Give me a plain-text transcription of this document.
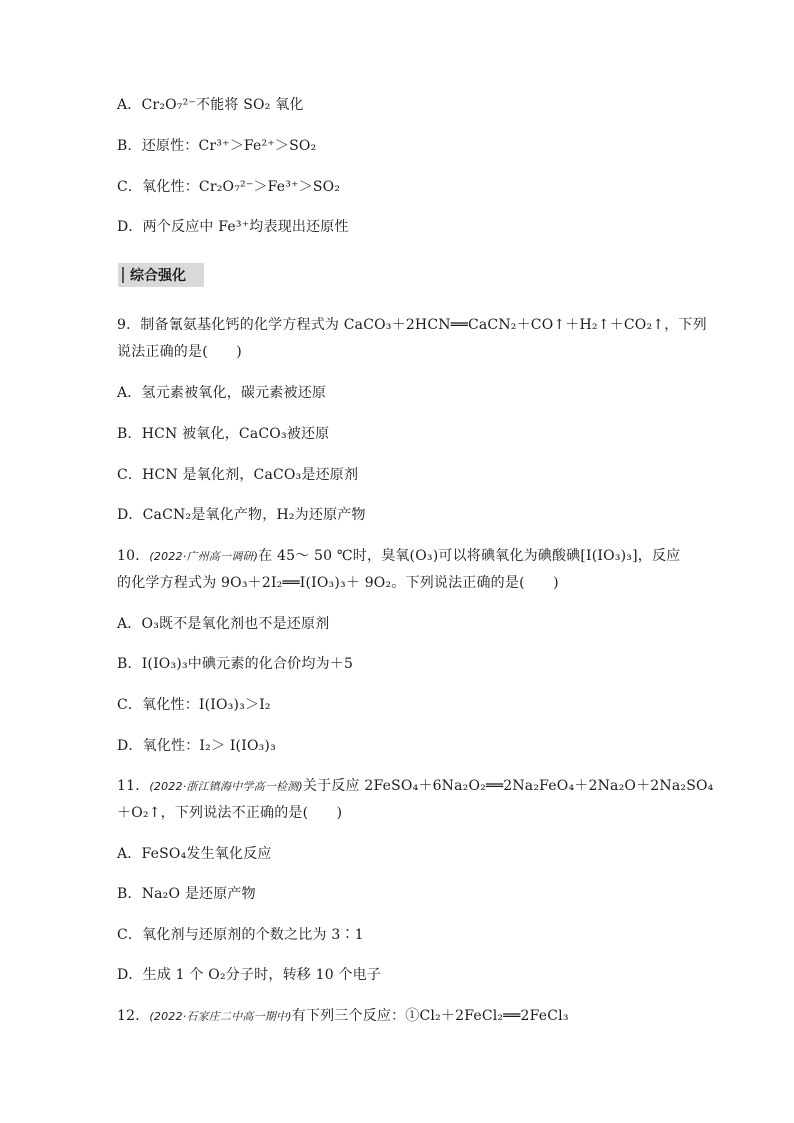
A．Cr₂O₇²⁻不能将 SO₂ 氧化
B．还原性：Cr³⁺＞Fe²⁺＞SO₂
C．氧化性：Cr₂O₇²⁻＞Fe³⁺＞SO₂
D．两个反应中 Fe³⁺均表现出还原性
综合强化
9．制备氰氨基化钙的化学方程式为 CaCO₃＋2HCN══CaCN₂＋CO↑＋H₂↑＋CO₂↑，下列
说法正确的是(　　)
A．氢元素被氧化，碳元素被还原
B．HCN 被氧化，CaCO₃被还原
C．HCN 是氧化剂，CaCO₃是还原剂
D．CaCN₂是氧化产物，H₂为还原产物
10．(2022·广州高一调研)在 45～ 50 ℃时，臭氧(O₃)可以将碘氧化为碘酸碘[I(IO₃)₃]，反应
的化学方程式为 9O₃＋2I₂══I(IO₃)₃＋ 9O₂。下列说法正确的是(　　)
A．O₃既不是氧化剂也不是还原剂
B．I(IO₃)₃中碘元素的化合价均为＋5
C．氧化性：I(IO₃)₃＞I₂
D．氧化性：I₂＞ I(IO₃)₃
11．(2022·浙江镇海中学高一检测)关于反应 2FeSO₄＋6Na₂O₂══2Na₂FeO₄＋2Na₂O＋2Na₂SO₄
＋O₂↑，下列说法不正确的是(　　)
A．FeSO₄发生氧化反应
B．Na₂O 是还原产物
C．氧化剂与还原剂的个数之比为 3∶1
D．生成 1 个 O₂分子时，转移 10 个电子
12．(2022·石家庄二中高一期中)有下列三个反应：①Cl₂＋2FeCl₂══2FeCl₃
